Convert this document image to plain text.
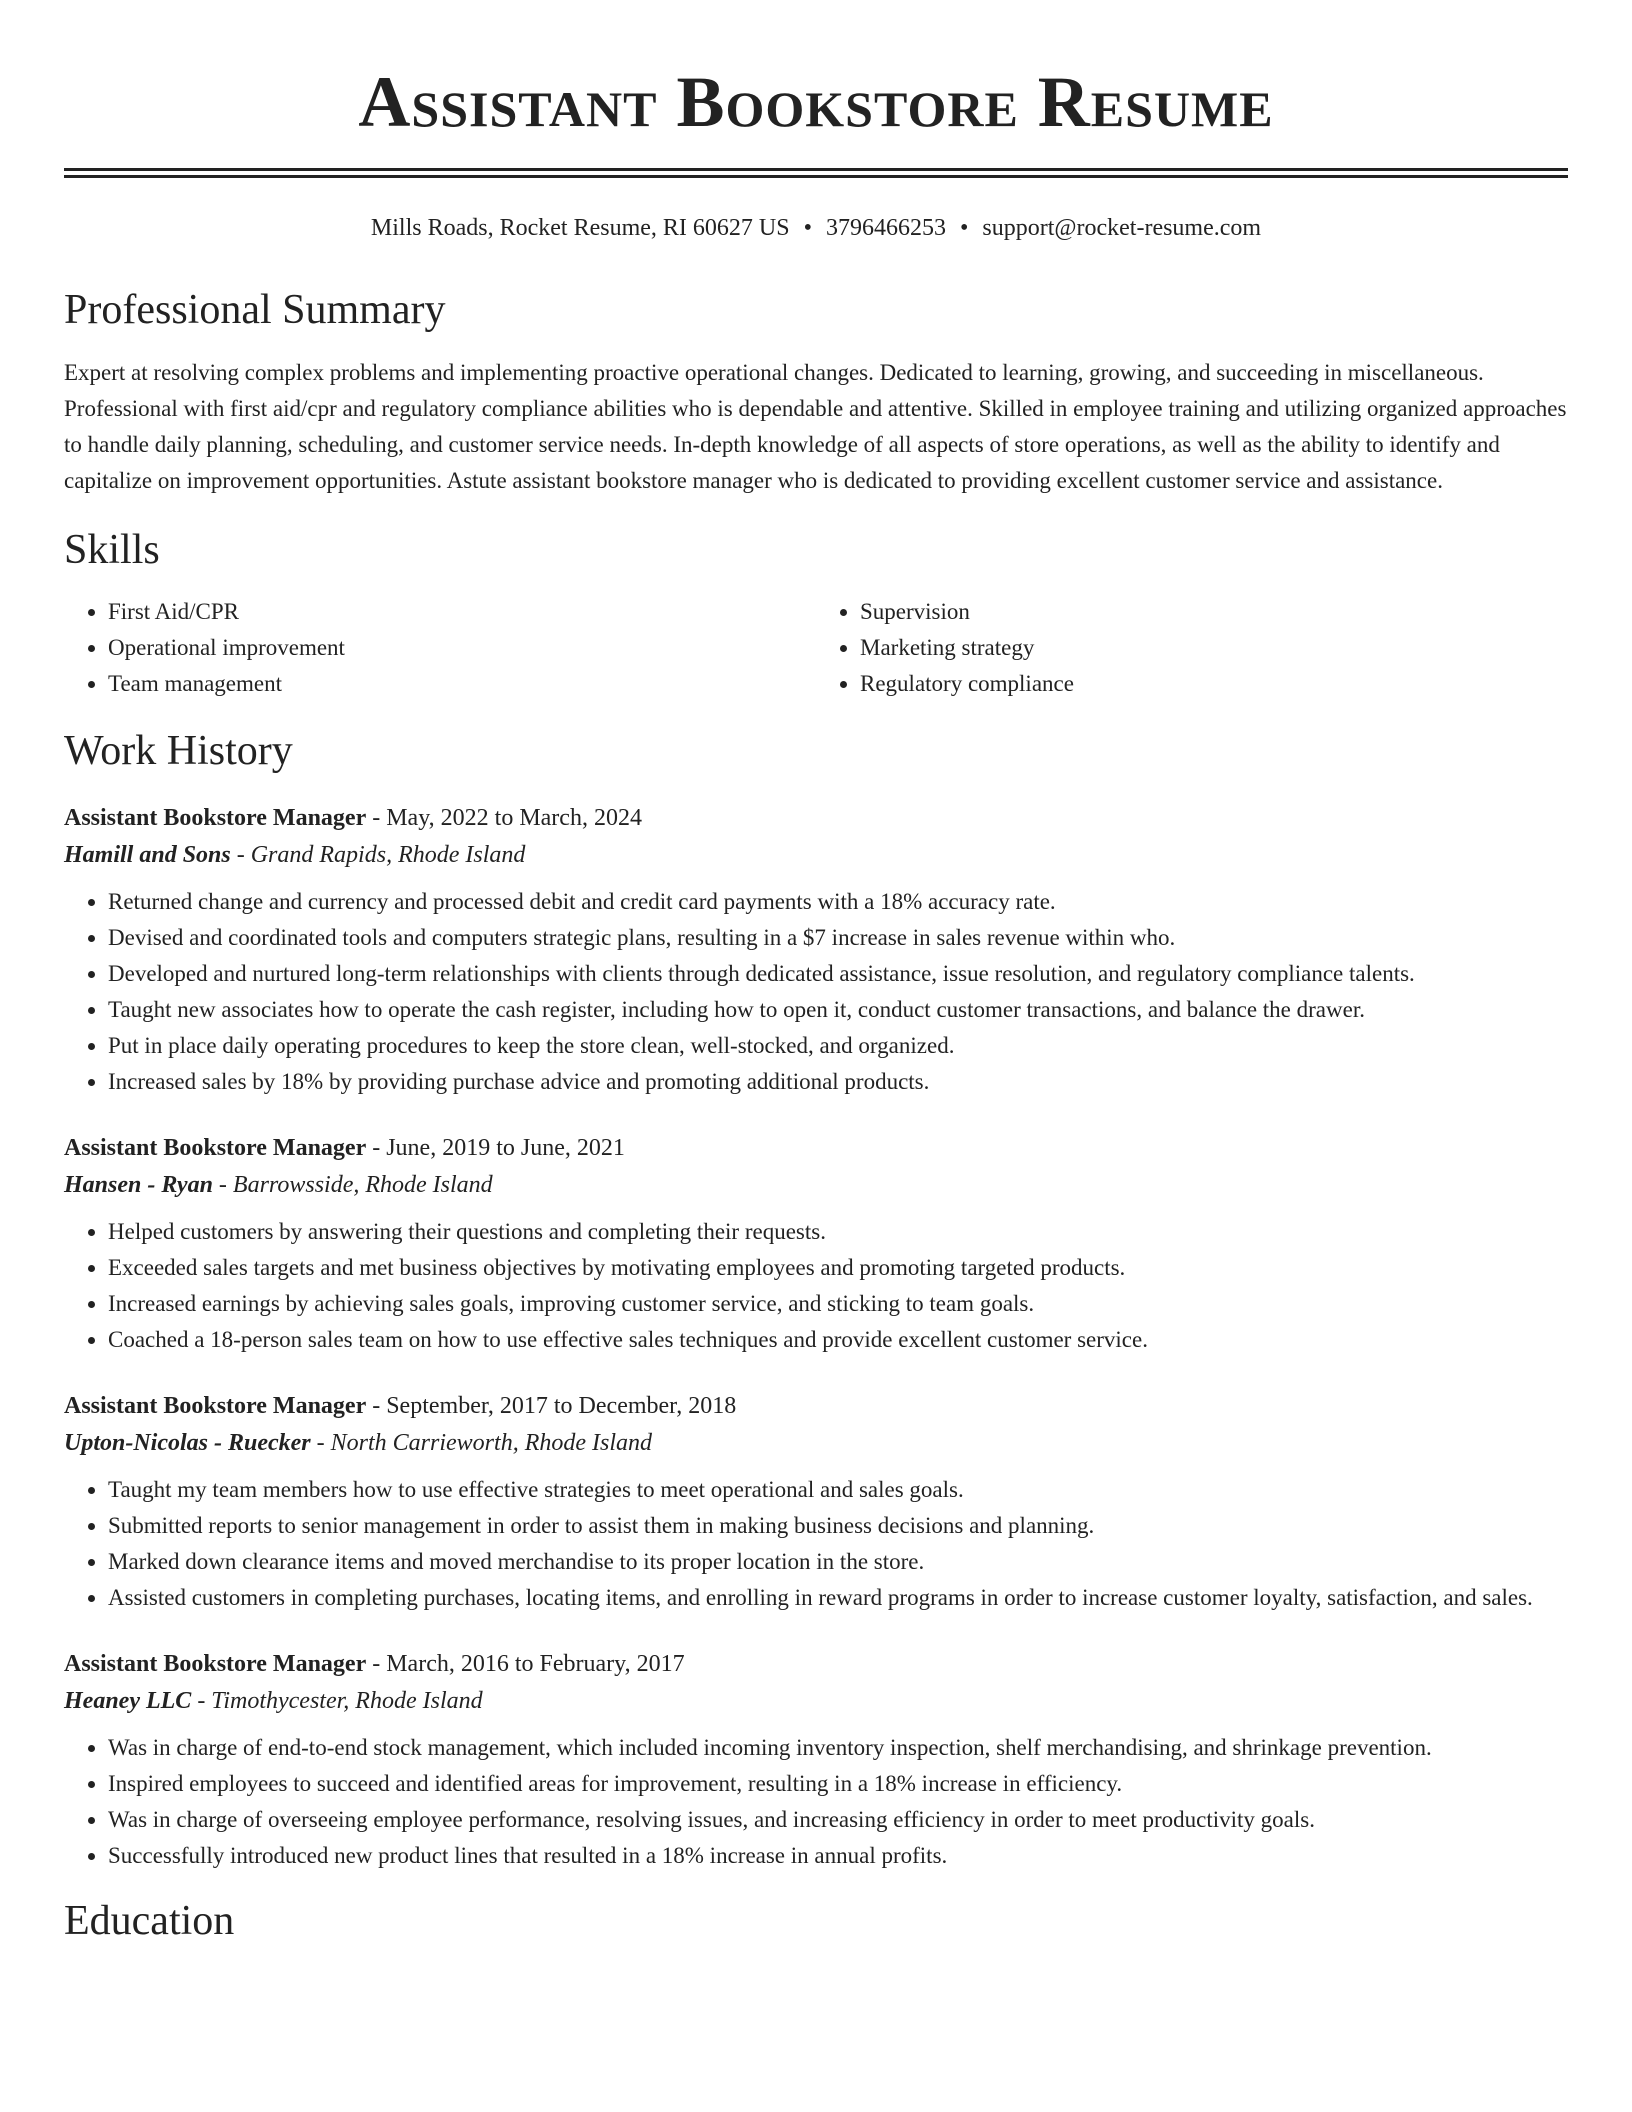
Assistant Bookstore Resume
Mills Roads, Rocket Resume, RI 60627 US • 3796466253 • support@rocket-resume.com
Professional Summary
Expert at resolving complex problems and implementing proactive operational changes. Dedicated to learning, growing, and succeeding in miscellaneous. Professional with first aid/cpr and regulatory compliance abilities who is dependable and attentive. Skilled in employee training and utilizing organized approaches to handle daily planning, scheduling, and customer service needs. In-depth knowledge of all aspects of store operations, as well as the ability to identify and capitalize on improvement opportunities. Astute assistant bookstore manager who is dedicated to providing excellent customer service and assistance.
Skills
• First Aid/CPR
• Operational improvement
• Team management
• Supervision
• Marketing strategy
• Regulatory compliance
Work History
Assistant Bookstore Manager - May, 2022 to March, 2024
Hamill and Sons - Grand Rapids, Rhode Island
• Returned change and currency and processed debit and credit card payments with a 18% accuracy rate.
• Devised and coordinated tools and computers strategic plans, resulting in a $7 increase in sales revenue within who.
• Developed and nurtured long-term relationships with clients through dedicated assistance, issue resolution, and regulatory compliance talents.
• Taught new associates how to operate the cash register, including how to open it, conduct customer transactions, and balance the drawer.
• Put in place daily operating procedures to keep the store clean, well-stocked, and organized.
• Increased sales by 18% by providing purchase advice and promoting additional products.
Assistant Bookstore Manager - June, 2019 to June, 2021
Hansen - Ryan - Barrowsside, Rhode Island
• Helped customers by answering their questions and completing their requests.
• Exceeded sales targets and met business objectives by motivating employees and promoting targeted products.
• Increased earnings by achieving sales goals, improving customer service, and sticking to team goals.
• Coached a 18-person sales team on how to use effective sales techniques and provide excellent customer service.
Assistant Bookstore Manager - September, 2017 to December, 2018
Upton-Nicolas - Ruecker - North Carrieworth, Rhode Island
• Taught my team members how to use effective strategies to meet operational and sales goals.
• Submitted reports to senior management in order to assist them in making business decisions and planning.
• Marked down clearance items and moved merchandise to its proper location in the store.
• Assisted customers in completing purchases, locating items, and enrolling in reward programs in order to increase customer loyalty, satisfaction, and sales.
Assistant Bookstore Manager - March, 2016 to February, 2017
Heaney LLC - Timothycester, Rhode Island
• Was in charge of end-to-end stock management, which included incoming inventory inspection, shelf merchandising, and shrinkage prevention.
• Inspired employees to succeed and identified areas for improvement, resulting in a 18% increase in efficiency.
• Was in charge of overseeing employee performance, resolving issues, and increasing efficiency in order to meet productivity goals.
• Successfully introduced new product lines that resulted in a 18% increase in annual profits.
Education
